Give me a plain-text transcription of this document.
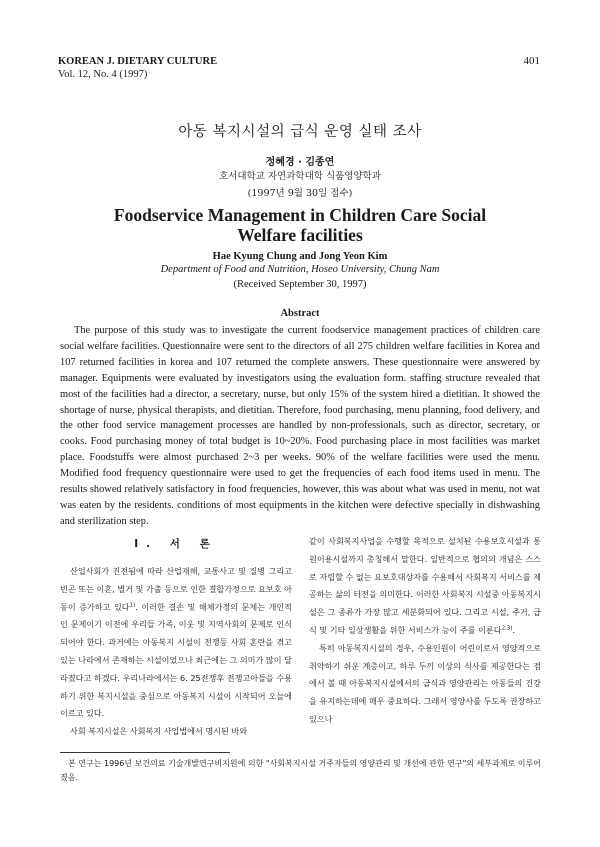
KOREAN J. DIETARY CULTURE
Vol. 12, No. 4 (1997)
401
아동 복지시설의 급식 운영 실태 조사
정혜경 · 김종연
호서대학교 자연과학대학 식품영양학과
(1997년 9월 30일 접수)
Foodservice Management in Children Care Social
Welfare facilities
Hae Kyung Chung and Jong Yeon Kim
Department of Food and Nutrition, Hoseo University, Chung Nam
(Received September 30, 1997)
Abstract
The purpose of this study was to investigate the current foodservice management practices of children care social welfare facilities. Questionnaire were sent to the directors of all 275 children welfare facilities in Korea and 107 returned facilities in korea and 107 returned the complete answers. These questionnaire were answered by manager. Equipments were evaluated by investigators using the evaluation form. staffing structure revealed that most of the facilities had a director, a secretary, nurse, but only 15% of the system hired a dietitian. It showed the shortage of nurse, physical therapists, and dietitian. Therefore, food purchasing, menu planning, food delivery, and the other food service management processes are handled by non-professionals, such as director, secretary, or cooks. Food purchasing money of total budget is 10~20%. Food purchasing place in most facilities was market place. Foodstuffs were almost purchased 2~3 per weeks. 90% of the welfare facilities were used the menu. Modified food frequency questionnaire were used to get the frequencies of each food items used in menu. The results showed relatively satisfactory in food frequencies, however, this was about what was used in menu, not wat was eaten by the residents. conditions of most equipments in the kitchen were defective specially in dishwashing and sterilization step.
I. 서 론

산업사회가 진전됨에 따라 산업재해, 교통사고 및 질병 그리고 빈곤 또는 이혼, 별거 및 가출 등으로 인한 결합가정으로 요보호 아동이 증가하고 있다$^{1)}$. 이러한 결손 및 해체가정의 문제는 개인적인 문제이기 이전에 우리들 가족, 이웃 및 지역사회의 문제로 인식되어야 한다. 과거에는 아동복지 시설이 전쟁등 사회 혼란을 겪고 있는 나라에서 존재하는 시설이었으나 최근에는 그 의미가 많이 달라졌다고 하겠다. 우리나라에서는 6. 25전쟁후 전쟁고아들을 수용하기 위한 복지시설을 중심으로 아동복지 시설이 시작되어 오늘에 이르고 있다.

사회 복지시설은 사회복지 사업법에서 명시된 바와

같이 사회복지사업을 수행할 목적으로 설치된 수용보호시설과 통원이용시설까지 총칭해서 말한다. 일반적으로 협의의 개념은 스스로 자립할 수 없는 요보호대상자를 수용해서 사회복지 서비스를 제공하는 삶의 터전을 의미한다. 이러한 사회복지 시설중 아동복지시설은 그 종류가 가장 많고 세분화되어 있다. 그리고 시설, 주거, 급식 및 기타 일상생활을 위한 서비스가 능이 주를 이룬다$^{2,3)}$.

특히 아동복지시설의 경우, 수용인원이 어린이로서 영양적으로 취약하기 쉬운 계층이고, 하루 두끼 이상의 식사를 제공한다는 점에서 볼 때 아동복지시설에서의 급식과 영양관리는 아동들의 건강을 유지하는데에 매우 중요하다. 그래서 영양사를 두도록 권장하고 있으나

본 연구는 1996년 보건의료 기술개발연구비지원에 의한 "사회복지시설 거주자들의 영양관리 및 개선에 관한 연구"의 세부과제로 이루어졌음.
